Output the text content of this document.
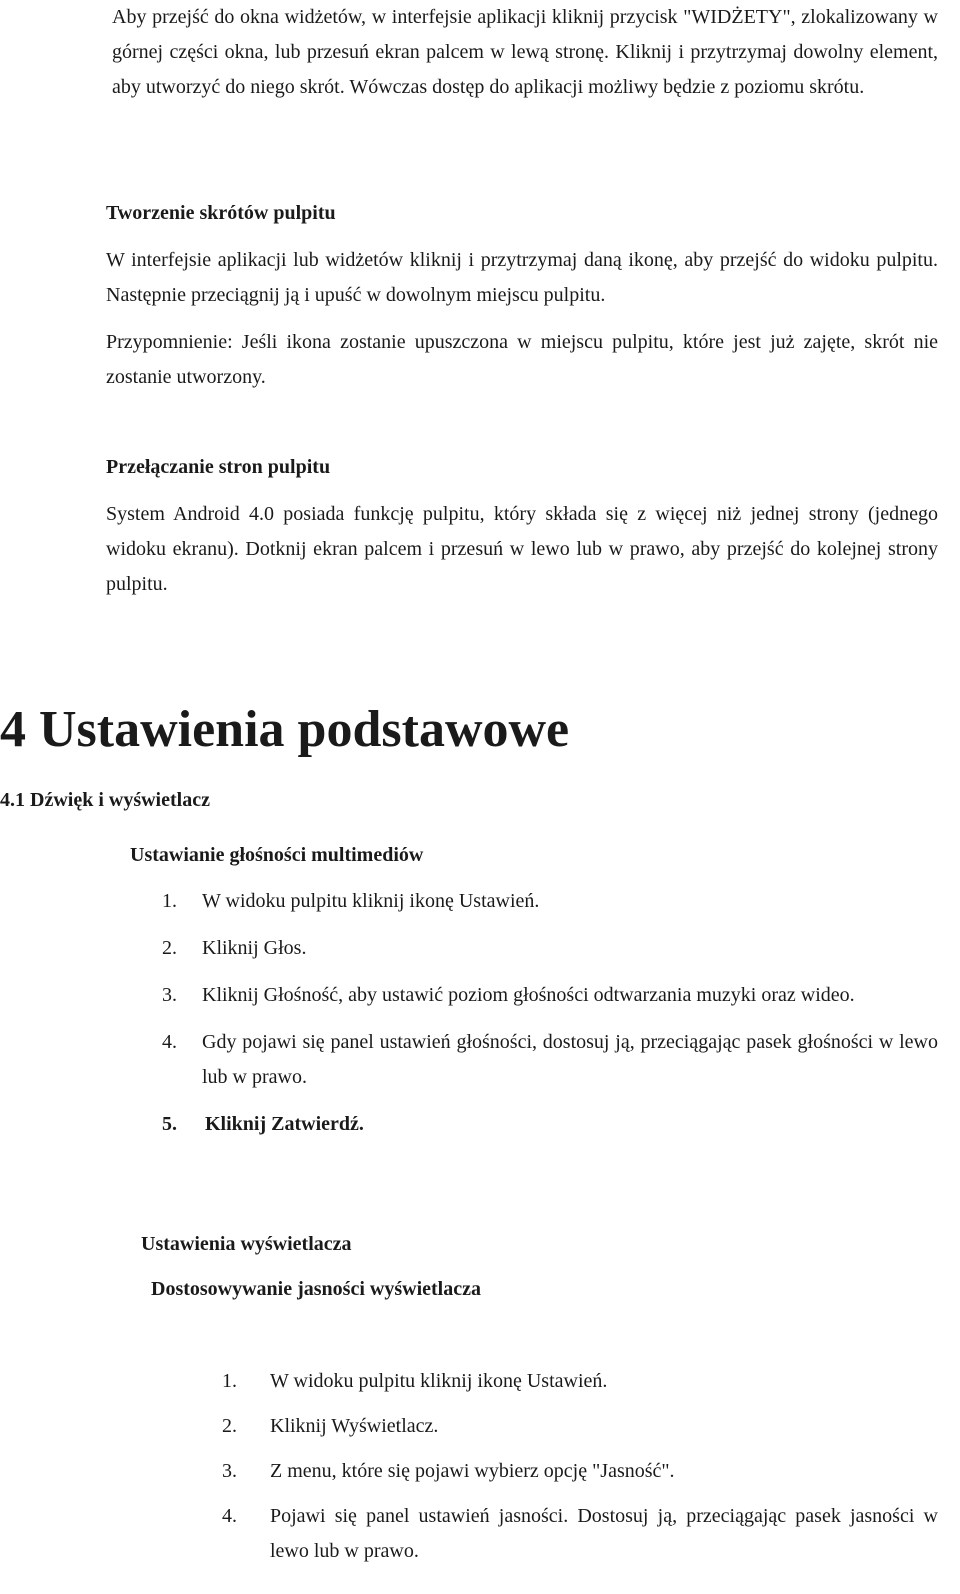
Aby przejść do okna widżetów, w interfejsie aplikacji kliknij przycisk "WIDŻETY", zlokalizowany w górnej części okna, lub przesuń ekran palcem w lewą stronę. Kliknij i przytrzymaj dowolny element, aby utworzyć do niego skrót. Wówczas dostęp do aplikacji możliwy będzie z poziomu skrótu.

Tworzenie skrótów pulpitu

W interfejsie aplikacji lub widżetów kliknij i przytrzymaj daną ikonę, aby przejść do widoku pulpitu. Następnie przeciągnij ją i upuść w dowolnym miejscu pulpitu.

Przypomnienie: Jeśli ikona zostanie upuszczona w miejscu pulpitu, które jest już zajęte, skrót nie zostanie utworzony.

Przełączanie stron pulpitu

System Android 4.0 posiada funkcję pulpitu, który składa się z więcej niż jednej strony (jednego widoku ekranu). Dotknij ekran palcem i przesuń w lewo lub w prawo, aby przejść do kolejnej strony pulpitu.

4 Ustawienia podstawowe
4.1 Dźwięk i wyświetlacz
Ustawianie głośności multimediów
1.	W widoku pulpitu kliknij ikonę Ustawień.
2.	Kliknij Głos.
3.	Kliknij Głośność, aby ustawić poziom głośności odtwarzania muzyki oraz wideo.
4.	Gdy pojawi się panel ustawień głośności, dostosuj ją, przeciągając pasek głośności w lewo lub w prawo.
5.	Kliknij Zatwierdź.
Ustawienia wyświetlacza
Dostosowywanie jasności wyświetlacza
1.	W widoku pulpitu kliknij ikonę Ustawień.
2.	Kliknij Wyświetlacz.
3.	Z menu, które się pojawi wybierz opcję "Jasność".
4.	Pojawi się panel ustawień jasności. Dostosuj ją, przeciągając pasek jasności w lewo lub w prawo.
